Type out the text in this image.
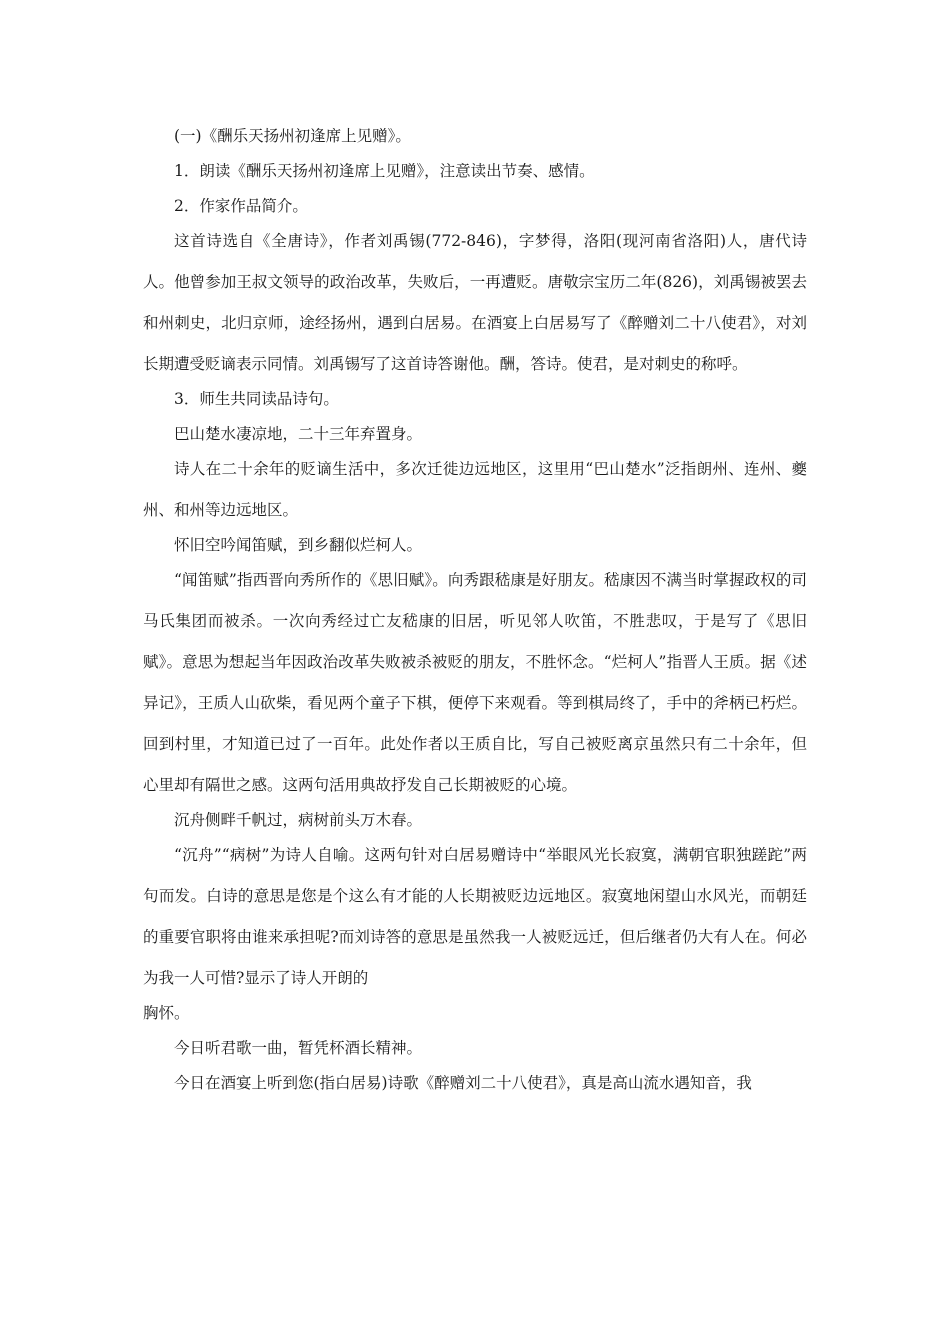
(一)《酬乐天扬州初逢席上见赠》。

1．朗读《酬乐天扬州初逢席上见赠》，注意读出节奏、感情。

2．作家作品简介。

这首诗选自《全唐诗》，作者刘禹锡(772-846)，字梦得，洛阳(现河南省洛阳)人，唐代诗人。他曾参加王叔文领导的政治改革，失败后，一再遭贬。唐敬宗宝历二年(826)，刘禹锡被罢去和州刺史，北归京师，途经扬州，遇到白居易。在酒宴上白居易写了《醉赠刘二十八使君》，对刘长期遭受贬谪表示同情。刘禹锡写了这首诗答谢他。酬，答诗。使君，是对刺史的称呼。

3．师生共同读品诗句。

巴山楚水凄凉地，二十三年弃置身。

诗人在二十余年的贬谪生活中，多次迁徙边远地区，这里用“巴山楚水”泛指朗州、连州、夔州、和州等边远地区。

怀旧空吟闻笛赋，到乡翻似烂柯人。

“闻笛赋”指西晋向秀所作的《思旧赋》。向秀跟嵇康是好朋友。嵇康因不满当时掌握政权的司马氏集团而被杀。一次向秀经过亡友嵇康的旧居，听见邻人吹笛，不胜悲叹，于是写了《思旧赋》。意思为想起当年因政治改革失败被杀被贬的朋友，不胜怀念。“烂柯人”指晋人王质。据《述异记》，王质人山砍柴，看见两个童子下棋，便停下来观看。等到棋局终了，手中的斧柄已朽烂。回到村里，才知道已过了一百年。此处作者以王质自比，写自己被贬离京虽然只有二十余年，但心里却有隔世之感。这两句活用典故抒发自己长期被贬的心境。

沉舟侧畔千帆过，病树前头万木春。

“沉舟”“病树”为诗人自喻。这两句针对白居易赠诗中“举眼风光长寂寞，满朝官职独蹉跎”两句而发。白诗的意思是您是个这么有才能的人长期被贬边远地区。寂寞地闲望山水风光，而朝廷的重要官职将由谁来承担呢?而刘诗答的意思是虽然我一人被贬远迁，但后继者仍大有人在。何必为我一人可惜?显示了诗人开朗的

胸怀。

今日听君歌一曲，暂凭杯酒长精神。

今日在酒宴上听到您(指白居易)诗歌《醉赠刘二十八使君》，真是高山流水遇知音，我
